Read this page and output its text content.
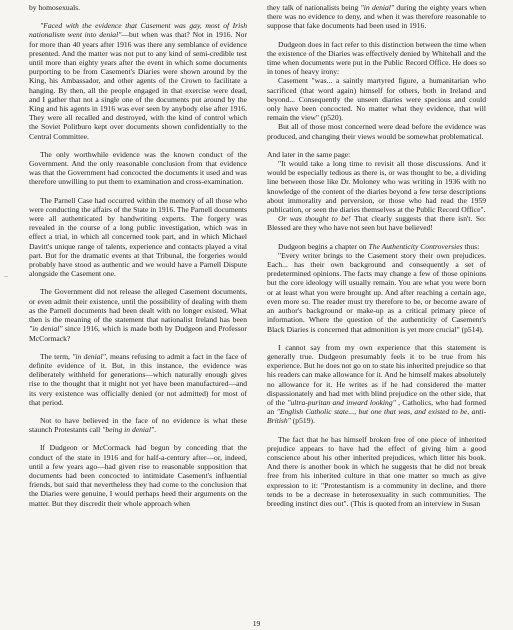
by homosexuals.

"Faced with the evidence that Casement was gay, most of Irish nationalism went into denial"—but when was that? Not in 1916. Nor for more than 40 years after 1916 was there any semblance of evidence presented. And the matter was not put to any kind of semi-credible test until more than eighty years after the event in which some documents purporting to be from Casement's Diaries were shown around by the King, his Ambassador, and other agents of the Crown to facilitate a hanging. By then, all the people engaged in that exercise were dead, and I gather that not a single one of the documents put around by the King and his agents in 1916 was ever seen by anybody else after 1916. They were all recalled and destroyed, with the kind of control which the Soviet Politburo kept over documents shown confidentially to the Central Committee.

The only worthwhile evidence was the known conduct of the Government. And the only reasonable conclusion from that evidence was that the Government had concocted the documents it used and was therefore unwilling to put them to examination and cross-examination.

The Parnell Case had occurred within the memory of all those who were conducting the affairs of the State in 1916. The Parnell documents were all authenticated by handwriting experts. The forgery was revealed in the course of a long public investigation, which was in effect a trial, in which all concerned took part, and in which Michael Davitt's unique range of talents, experience and contacts played a vital part. But for the dramatic events at that Tribunal, the forgeries would probably have stood as authentic and we would have a Parnell Dispute alongside the Casement one.

The Government did not release the alleged Casement documents, or even admit their existence, until the possibility of dealing with them as the Parnell documents had been dealt with no longer existed. What then is the meaning of the statement that nationalist Ireland has been "in denial" since 1916, which is made both by Dudgeon and Professor McCormack?

The term, "in denial", means refusing to admit a fact in the face of definite evidence of it. But, in this instance, the evidence was deliberately withheld for generations—which naturally enough gives rise to the thought that it might not yet have been manufactured—and its very existence was officially denied (or not admitted) for most of that period.

Not to have believed in the face of no evidence is what these staunch Protestants call "being in denial".

If Dudgeon or McCormack had begun by conceding that the conduct of the state in 1916 and for half-a-century after—or, indeed, until a few years ago—had given rise to reasonable supposition that documents had been concocted to intimidate Casement's influential friends, but said that nevertheless they had come to the conclusion that the Diaries were genuine, I would perhaps heed their arguments on the matter. But they discredit their whole approach when

they talk of nationalists being "in denial" during the eighty years when there was no evidence to deny, and when it was therefore reasonable to suppose that fake documents had been used in 1916.

Dudgeon does in fact refer to this distinction between the time when the existence of the Diaries was effectively denied by Whitehall and the time when documents were put in the Public Record Office. He does so in tones of heavy irony:

Casement "was... a saintly martyred figure, a humanitarian who sacrificed (that word again) himself for others, both in Ireland and beyond... Consequently the unseen diaries were specious and could only have been concocted. No matter what they evidence, that will remain the view" (p520).

But all of those most concerned were dead before the evidence was produced, and changing their views would be somewhat problematical.

And later in the same page:

"It would take a long time to revisit all those discussions. And it would be especially tedious as there is, or was thought to be, a dividing line between those like Dr. Moloney who was writing in 1936 with no knowledge of the content of the diaries beyond a few terse descriptions about immorality and perversion, or those who had read the 1959 publication, or seen the diaries themselves at the Public Record Office".

Or was thought to be! That clearly suggests that there isn't. So: Blessed are they who have not seen but have believed!

Dudgeon begins a chapter on The Authenticity Controversies thus:

"Every writer brings to the Casement story their own prejudices. Each... has their own background and consequently a set of predetermined opinions. The facts may change a few of those opinions but the core ideology will usually remain. You are what you were born or at least what you were brought up. And after reaching a certain age, even more so. The reader must try therefore to be, or become aware of an author's background or make-up as a critical primary piece of information. Where the question of the authenticity of Casement's Black Diaries is concerned that admonition is yet more crucial" (p514).

I cannot say from my own experience that this statement is generally true. Dudgeon presumably feels it to be true from his experience. But he does not go on to state his inherited prejudice so that his readers can make allowance for it. And he himself makes absolutely no allowance for it. He writes as if he had considered the matter dispassionately and had met with blind prejudice on the other side, that of the "ultra-puritan and inward looking" , Catholics, who had formed an "English Catholic state..., but one that was, and existed to be, anti-British" (p519).

The fact that he has himself broken free of one piece of inherited prejudice appears to have had the effect of giving him a good conscience about his other inherited prejudices, which litter his book. And there is another book in which he suggests that he did not break free from his inherited culture in that one matter so much as give expression to it: "Protestantism is a community in decline, and there tends to be a decrease in heterosexuality in such communities. The breeding instinct dies out". (This is quoted from an interview in Susan

19
